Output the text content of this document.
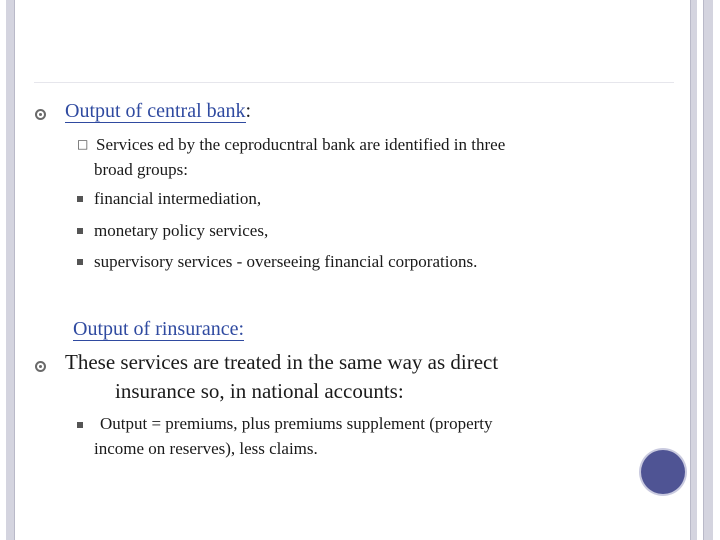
Output of central bank:
□ Services ed by the ceproducntral bank are identified in three
broad groups:
financial intermediation,
monetary policy services,
supervisory services - overseeing financial corporations.
Output of rinsurance:
These services are treated in the same way as direct
insurance so, in national accounts:
Output = premiums, plus premiums supplement (property
income on reserves), less claims.
